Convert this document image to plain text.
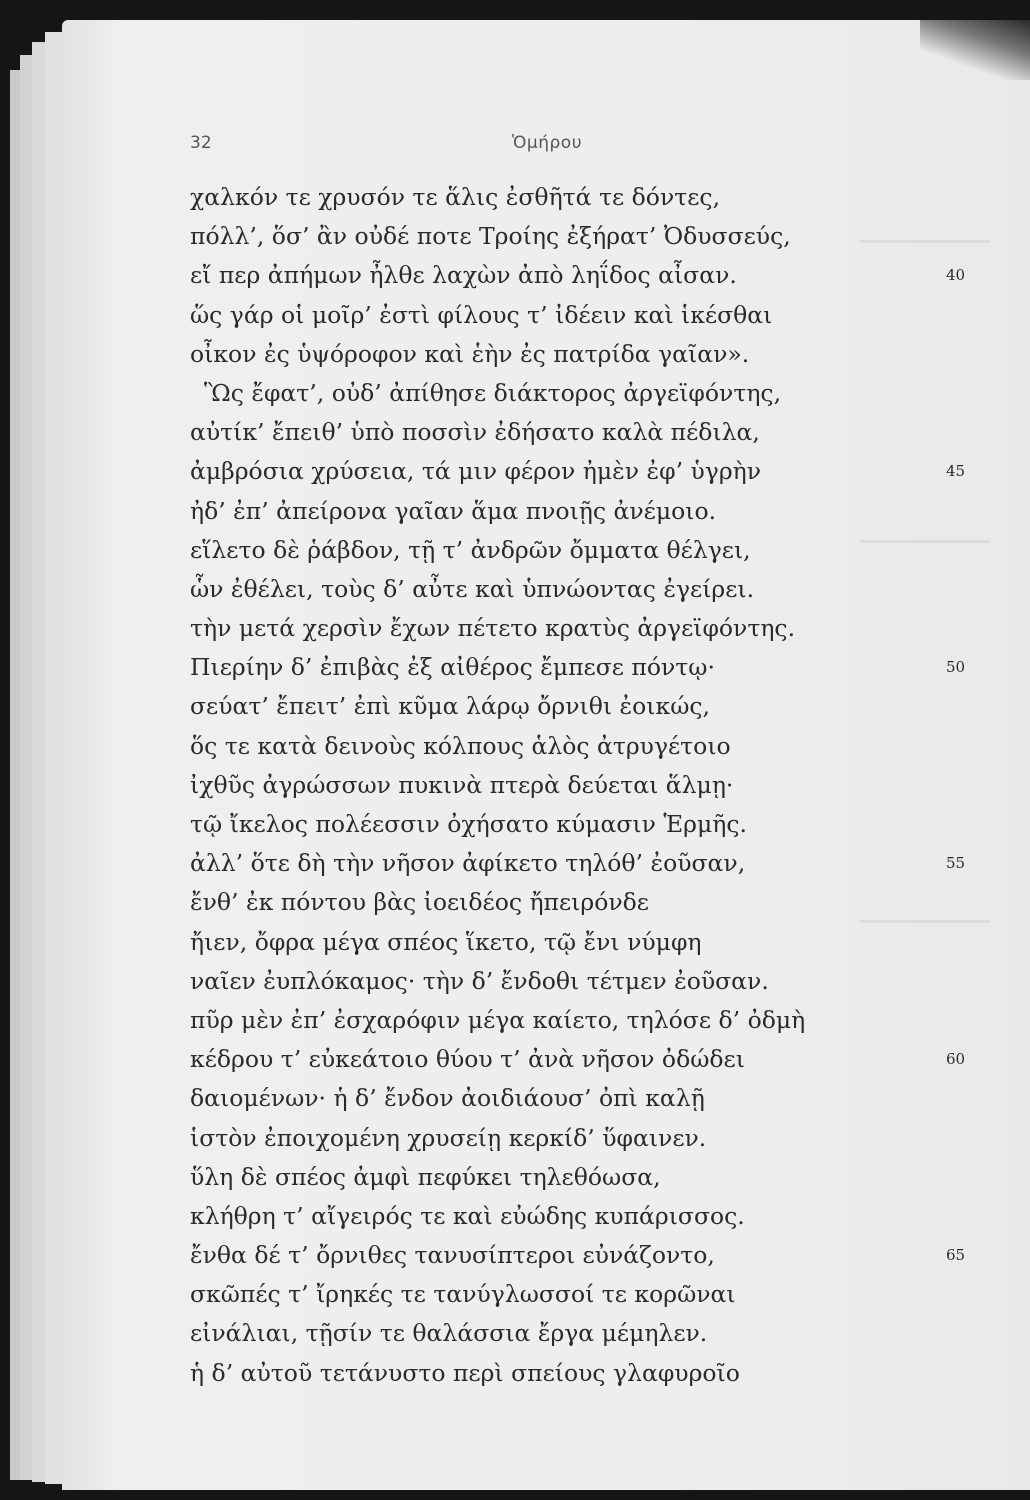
32	Ὁμήρου
χαλκόν τε χρυσόν τε ἅλις ἐσθῆτά τε δόντες,
πόλλ’, ὅσ’ ἂν οὐδέ ποτε Τροίης ἐξήρατ’ Ὀδυσσεύς,
εἴ περ ἀπήμων ἦλθε λαχὼν ἀπὸ ληΐδος αἶσαν.	40
ὥς γάρ οἱ μοῖρ’ ἐστὶ φίλους τ’ ἰδέειν καὶ ἱκέσθαι
οἶκον ἐς ὑψόροφον καὶ ἑὴν ἐς πατρίδα γαῖαν».
Ὣς ἔφατ’, οὐδ’ ἀπίθησε διάκτορος ἀργεϊφόντης,
αὐτίκ’ ἔπειθ’ ὑπὸ ποσσὶν ἐδήσατο καλὰ πέδιλα,
ἀμβρόσια χρύσεια, τά μιν φέρον ἠμὲν ἐφ’ ὑγρὴν	45
ἠδ’ ἐπ’ ἀπείρονα γαῖαν ἅμα πνοιῇς ἀνέμοιο.
εἵλετο δὲ ῥάβδον, τῇ τ’ ἀνδρῶν ὄμματα θέλγει,
ὧν ἐθέλει, τοὺς δ’ αὖτε καὶ ὑπνώοντας ἐγείρει.
τὴν μετά χερσὶν ἔχων πέτετο κρατὺς ἀργεϊφόντης.
Πιερίην δ’ ἐπιβὰς ἐξ αἰθέρος ἔμπεσε πόντῳ·	50
σεύατ’ ἔπειτ’ ἐπὶ κῦμα λάρῳ ὄρνιθι ἐοικώς,
ὅς τε κατὰ δεινοὺς κόλπους ἁλὸς ἀτρυγέτοιο
ἰχθῦς ἀγρώσσων πυκινὰ πτερὰ δεύεται ἅλμῃ·
τῷ ἴκελος πολέεσσιν ὀχήσατο κύμασιν Ἑρμῆς.
ἀλλ’ ὅτε δὴ τὴν νῆσον ἀφίκετο τηλόθ’ ἐοῦσαν,	55
ἔνθ’ ἐκ πόντου βὰς ἰοειδέος ἤπειρόνδε
ἤιεν, ὄφρα μέγα σπέος ἵκετο, τῷ ἔνι νύμφη
ναῖεν ἐυπλόκαμος· τὴν δ’ ἔνδοθι τέτμεν ἐοῦσαν.
πῦρ μὲν ἐπ’ ἐσχαρόφιν μέγα καίετο, τηλόσε δ’ ὀδμὴ
κέδρου τ’ εὐκεάτοιο θύου τ’ ἀνὰ νῆσον ὀδώδει	60
δαιομένων· ἡ δ’ ἔνδον ἀοιδιάουσ’ ὀπὶ καλῇ
ἱστὸν ἐποιχομένη χρυσείῃ κερκίδ’ ὕφαινεν.
ὕλη δὲ σπέος ἀμφὶ πεφύκει τηλεθόωσα,
κλήθρη τ’ αἴγειρός τε καὶ εὐώδης κυπάρισσος.
ἔνθα δέ τ’ ὄρνιθες τανυσίπτεροι εὐνάζοντο,	65
σκῶπές τ’ ἴρηκές τε τανύγλωσσοί τε κορῶναι
εἰνάλιαι, τῇσίν τε θαλάσσια ἔργα μέμηλεν.
ἡ δ’ αὐτοῦ τετάνυστο περὶ σπείους γλαφυροῖο
